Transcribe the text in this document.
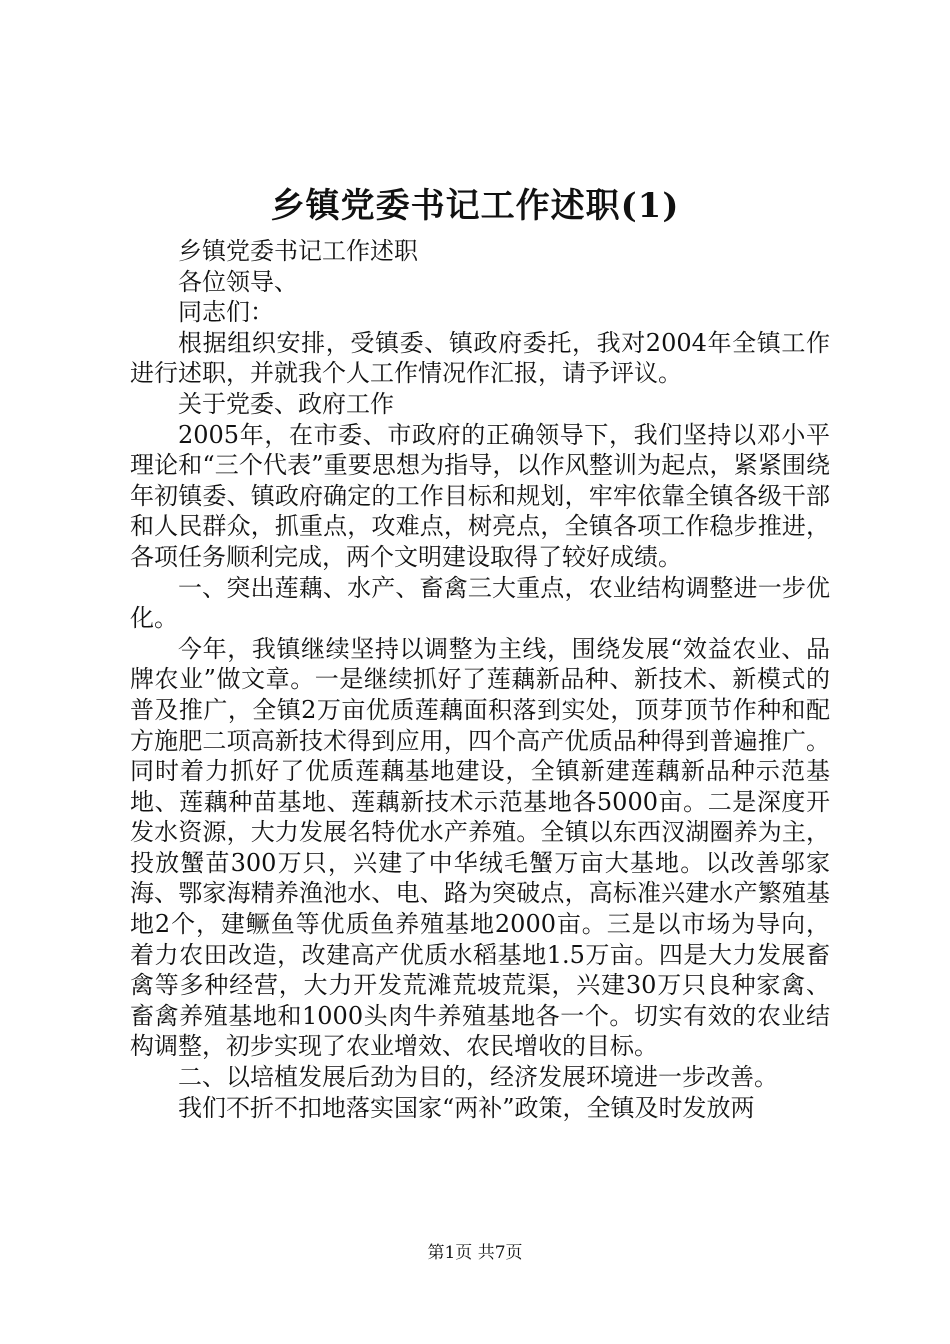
乡镇党委书记工作述职(1)

乡镇党委书记工作述职

各位领导、

同志们：

根据组织安排，受镇委、镇政府委托，我对2004年全镇工作进行述职，并就我个人工作情况作汇报，请予评议。

关于党委、政府工作

2005年，在市委、市政府的正确领导下，我们坚持以邓小平理论和“三个代表”重要思想为指导，以作风整训为起点，紧紧围绕年初镇委、镇政府确定的工作目标和规划，牢牢依靠全镇各级干部和人民群众，抓重点，攻难点，树亮点，全镇各项工作稳步推进，各项任务顺利完成，两个文明建设取得了较好成绩。

一、突出莲藕、水产、畜禽三大重点，农业结构调整进一步优化。

今年，我镇继续坚持以调整为主线，围绕发展“效益农业、品牌农业”做文章。一是继续抓好了莲藕新品种、新技术、新模式的普及推广，全镇2万亩优质莲藕面积落到实处，顶芽顶节作种和配方施肥二项高新技术得到应用，四个高产优质品种得到普遍推广。同时着力抓好了优质莲藕基地建设，全镇新建莲藕新品种示范基地、莲藕种苗基地、莲藕新技术示范基地各5000亩。二是深度开发水资源，大力发展名特优水产养殖。全镇以东西汊湖圈养为主，投放蟹苗300万只，兴建了中华绒毛蟹万亩大基地。以改善邬家海、鄂家海精养渔池水、电、路为突破点，高标准兴建水产繁殖基地2个，建鳜鱼等优质鱼养殖基地2000亩。三是以市场为导向，着力农田改造，改建高产优质水稻基地1.5万亩。四是大力发展畜禽等多种经营，大力开发荒滩荒坡荒渠，兴建30万只良种家禽、畜禽养殖基地和1000头肉牛养殖基地各一个。切实有效的农业结构调整，初步实现了农业增效、农民增收的目标。

二、以培植发展后劲为目的，经济发展环境进一步改善。

我们不折不扣地落实国家“两补”政策，全镇及时发放两

第1页 共7页
